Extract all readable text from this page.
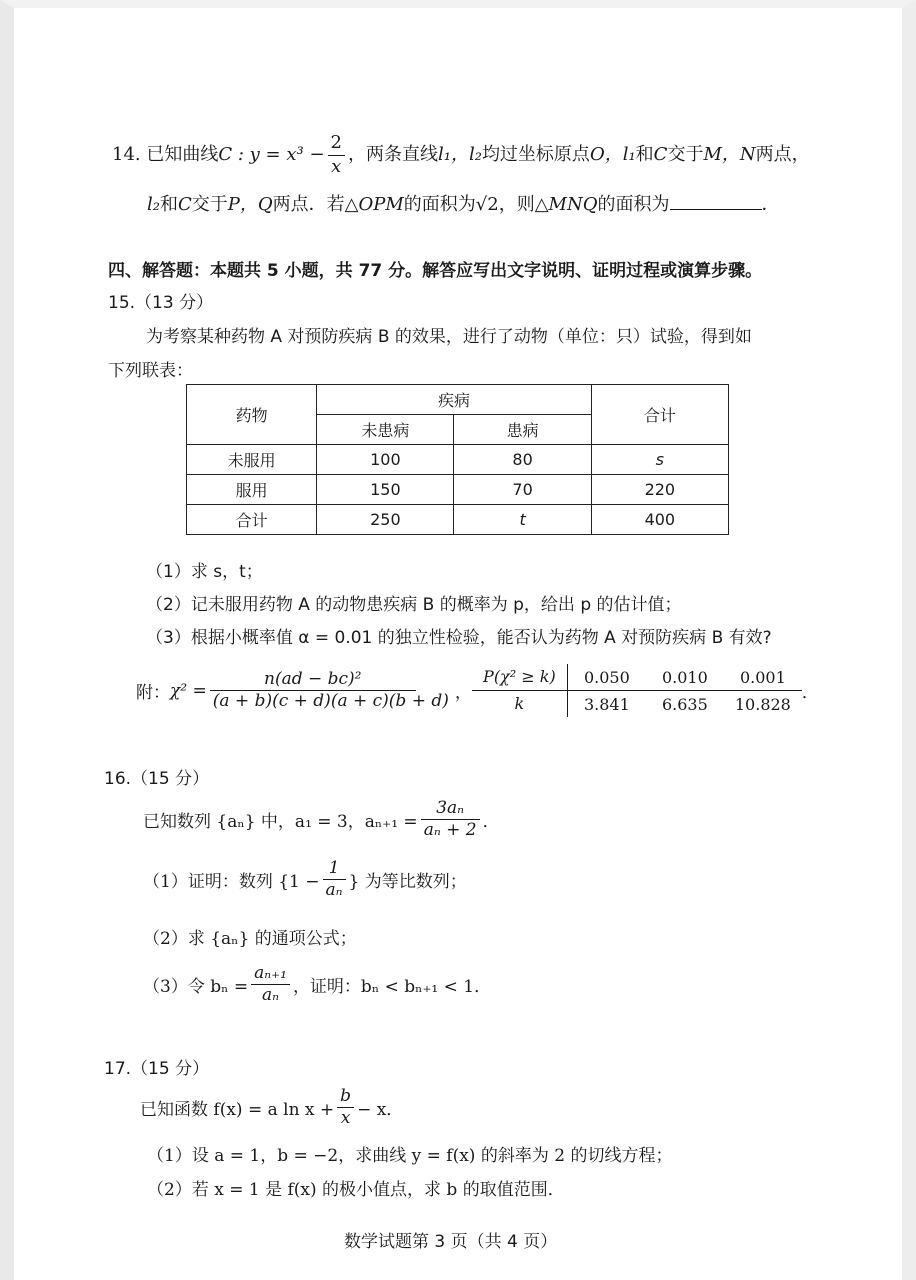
14. 已知曲线C : $y = x^3 - \frac{2}{x}$ ，两条直线l₁，l₂均过坐标原点O，l₁和C交于M，N两点，
l₂和C交于P，Q两点．若△OPM的面积为√2，则△MNQ的面积为	．
四、解答题：本题共 5 小题，共 77 分。解答应写出文字说明、证明过程或演算步骤。
15.（13 分）
为考察某种药物 A 对预防疾病 B 的效果，进行了动物（单位：只）试验，得到如
下列联表：
药物	疾病		合计
	未患病	患病	
未服用	100	80	s
服用	150	70	220
合计	250	t	400
（1）求 s，t；
（2）记未服用药物 A 的动物患疾病 B 的概率为 p，给出 p 的估计值；
（3）根据小概率值 α = 0.01 的独立性检验，能否认为药物 A 对预防疾病 B 有效?
附： $\chi^2 = \frac{\text{n(ad − bc)²}}{(a + b)(c + d)(a + c)(b + d)}$ ，
P(χ² ≥ k)	0.050	0.010	0.001
k	3.841	6.635	10.828
．
16.（15 分）
已知数列 {aₙ} 中，a₁ = 3，$a_{n+1} = \frac{\text{3aₙ}}{\text{aₙ + 2}}$ ．
（1）证明：数列 {$1 - \frac{1}{\text{aₙ}}$ } 为等比数列；
（2）求 {aₙ} 的通项公式；
（3）令 $b_n = \frac{\text{aₙ₊₁}}{\text{aₙ}}$ ，证明：bₙ < bₙ₊₁ < 1．
17.（15 分）
已知函数 f(x) = a $\ln x + \frac{b}{x} - x$．
（1）设 a = 1，b = −2，求曲线 y = f(x) 的斜率为 2 的切线方程；
（2）若 x = 1 是 f(x) 的极小值点，求 b 的取值范围．
数学试题第 3 页（共 4 页）
